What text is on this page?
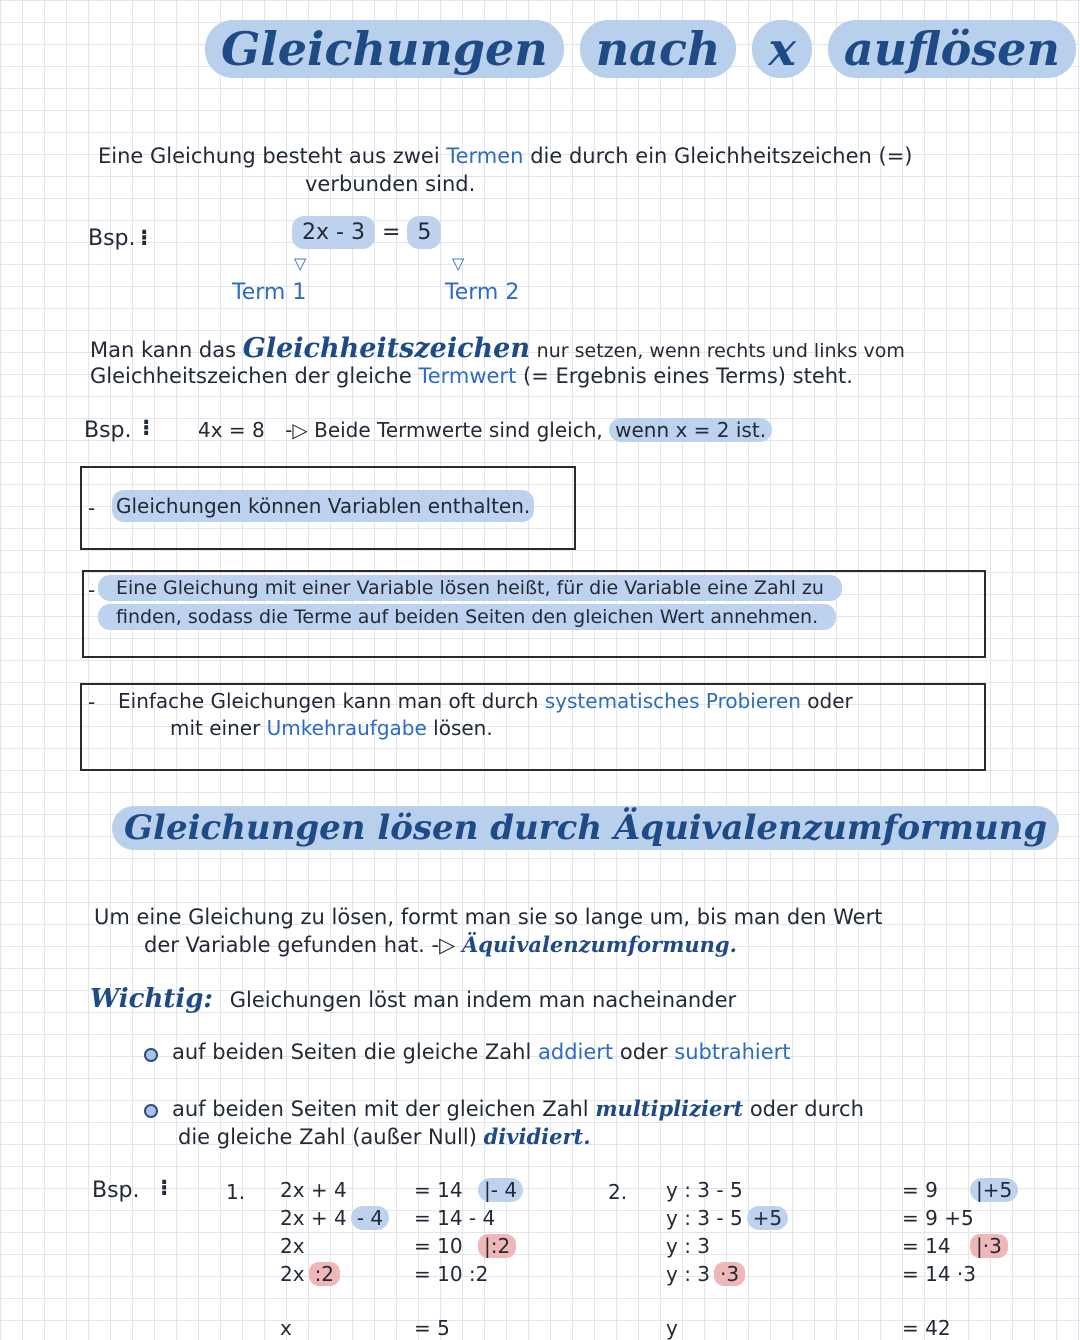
Gleichungen nach x auflösen
Eine Gleichung besteht aus zwei Termen die durch ein Gleichheitszeichen (=)
verbunden sind.
Bsp. ⁝	2x - 3 = 5
▽	▽
Term 1	Term 2
Man kann das Gleichheitszeichen nur setzen, wenn rechts und links vom
Gleichheitszeichen der gleiche Termwert (= Ergebnis eines Terms) steht.
Bsp. ⁝ 4x = 8 -▷ Beide Termwerte sind gleich, wenn x = 2 ist.
- Gleichungen können Variablen enthalten.
-	Eine Gleichung mit einer Variable lösen heißt, für die Variable eine Zahl zu
finden, sodass die Terme auf beiden Seiten den gleichen Wert annehmen.
- Einfache Gleichungen kann man oft durch systematisches Probieren oder
mit einer Umkehraufgabe lösen.
Gleichungen lösen durch Äquivalenzumformung
Um eine Gleichung zu lösen, formt man sie so lange um, bis man den Wert
der Variable gefunden hat. -▷ Äquivalenzumformung.
Wichtig: Gleichungen löst man indem man nacheinander
auf beiden Seiten die gleiche Zahl addiert oder subtrahiert
auf beiden Seiten mit der gleichen Zahl multipliziert oder durch
die gleiche Zahl (außer Null) dividiert.
Bsp. ⁝	1.	2.
2x + 4	= 14	|- 4
2x + 4 - 4	= 14 - 4
2x	= 10	|:2
2x :2	= 10 :2
x	= 5
y : 3 - 5	= 9	|+5
y : 3 - 5 +5	= 9 +5
y : 3	= 14	|·3
y : 3 ·3	= 14 ·3
y	= 42
